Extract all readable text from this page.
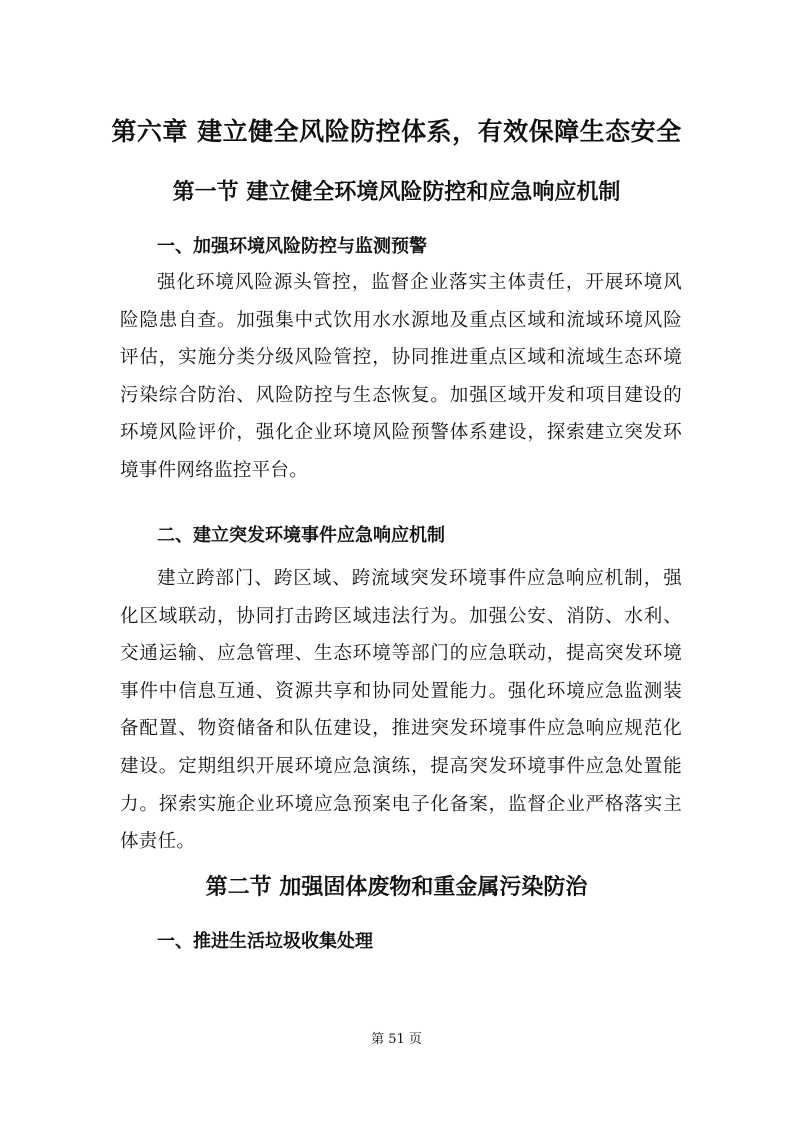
第六章 建立健全风险防控体系，有效保障生态安全
第一节 建立健全环境风险防控和应急响应机制
一、加强环境风险防控与监测预警

强化环境风险源头管控，监督企业落实主体责任，开展环境风险隐患自查。加强集中式饮用水水源地及重点区域和流域环境风险评估，实施分类分级风险管控，协同推进重点区域和流域生态环境污染综合防治、风险防控与生态恢复。加强区域开发和项目建设的环境风险评价，强化企业环境风险预警体系建设，探索建立突发环境事件网络监控平台。

二、建立突发环境事件应急响应机制

建立跨部门、跨区域、跨流域突发环境事件应急响应机制，强化区域联动，协同打击跨区域违法行为。加强公安、消防、水利、交通运输、应急管理、生态环境等部门的应急联动，提高突发环境事件中信息互通、资源共享和协同处置能力。强化环境应急监测装备配置、物资储备和队伍建设，推进突发环境事件应急响应规范化建设。定期组织开展环境应急演练，提高突发环境事件应急处置能力。探索实施企业环境应急预案电子化备案，监督企业严格落实主体责任。

第二节 加强固体废物和重金属污染防治
一、推进生活垃圾收集处理

第 51 页
